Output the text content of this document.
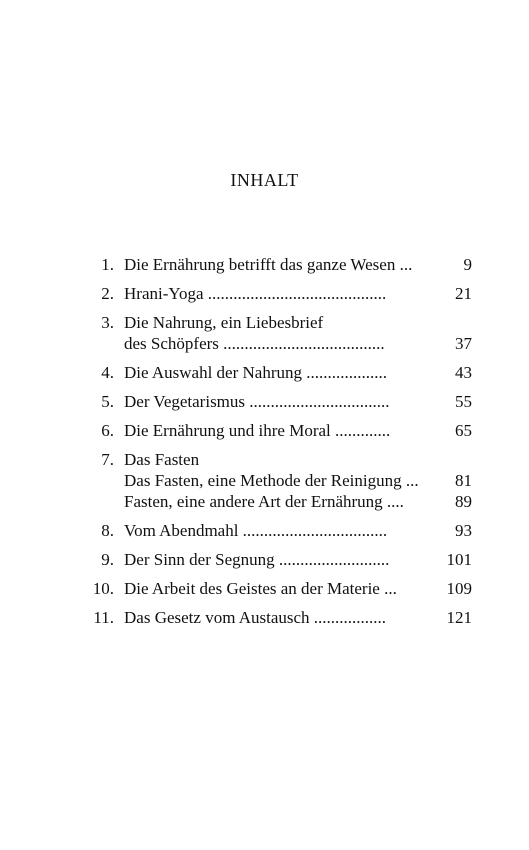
INHALT
1. Die Ernährung betrifft das ganze Wesen ...	9
2. Hrani-Yoga ..........................................	21
3. Die Nahrung, ein Liebesbrief
des Schöpfers ......................................	37
4. Die Auswahl der Nahrung ...................	43
5. Der Vegetarismus .................................	55
6. Die Ernährung und ihre Moral .............	65
7. Das Fasten
Das Fasten, eine Methode der Reinigung ... 81
Fasten, eine andere Art der Ernährung ....	89
8. Vom Abendmahl ..................................	93
9. Der Sinn der Segnung ..........................	101
10. Die Arbeit des Geistes an der Materie ...	109
11. Das Gesetz vom Austausch .................	121
